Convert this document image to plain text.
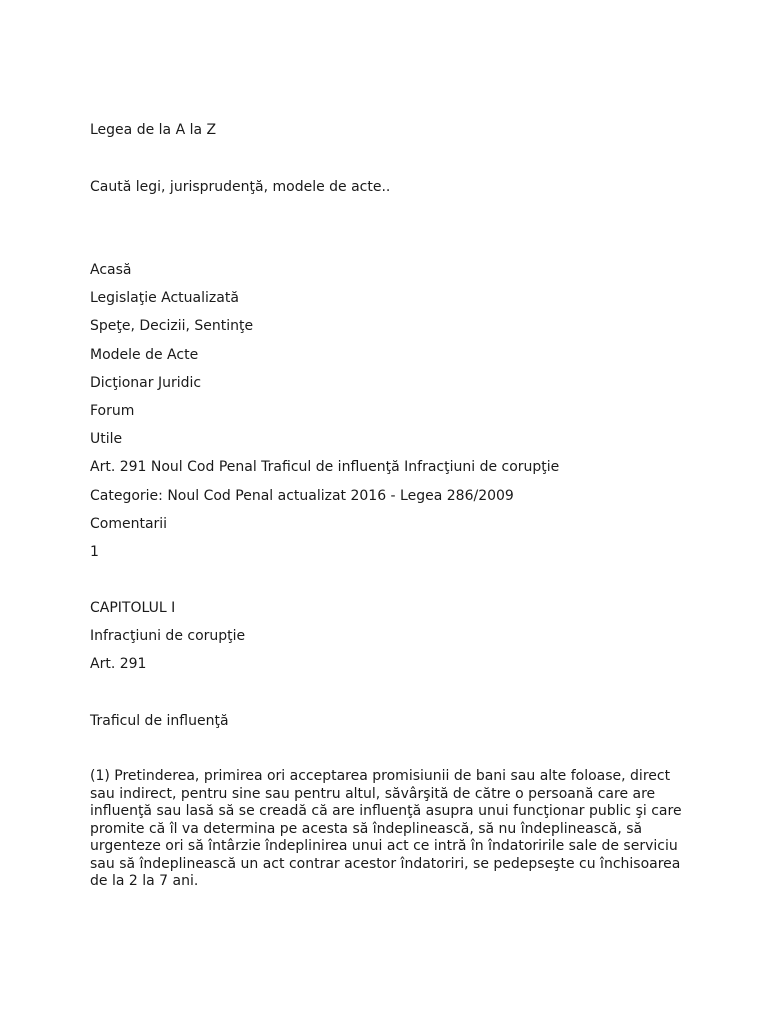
Legea de la A la Z
Caută legi, jurisprudenţă, modele de acte..
Acasă
Legislaţie Actualizată
Speţe, Decizii, Sentinţe
Modele de Acte
Dicţionar Juridic
Forum
Utile
Art. 291 Noul Cod Penal Traficul de influenţă Infracţiuni de corupţie
Categorie: Noul Cod Penal actualizat 2016 - Legea 286/2009
Comentarii
1
CAPITOLUL I
Infracţiuni de corupţie
Art. 291
Traficul de influenţă
(1) Pretinderea, primirea ori acceptarea promisiunii de bani sau alte foloase, direct
sau indirect, pentru sine sau pentru altul, săvârşită de către o persoană care are
influenţă sau lasă să se creadă că are influenţă asupra unui funcţionar public şi care
promite că îl va determina pe acesta să îndeplinească, să nu îndeplinească, să
urgenteze ori să întârzie îndeplinirea unui act ce intră în îndatoririle sale de serviciu
sau să îndeplinească un act contrar acestor îndatoriri, se pedepseşte cu închisoarea
de la 2 la 7 ani.
